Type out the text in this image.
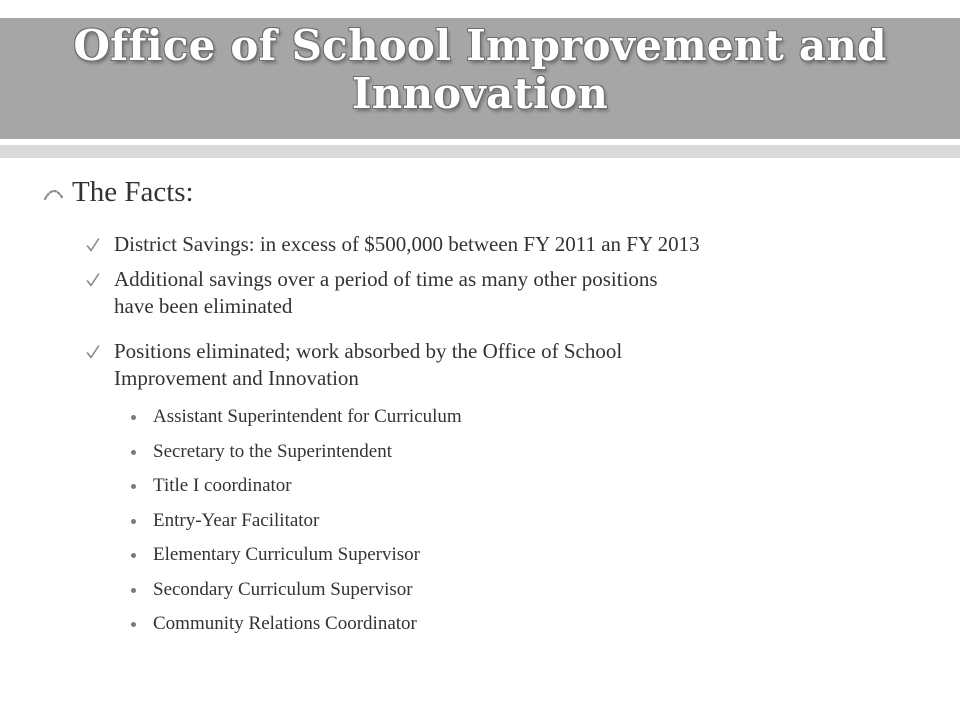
Office of School Improvement and
Innovation
The Facts:
District Savings: in excess of $500,000 between FY 2011 an FY 2013
Additional savings over a period of time as many other positions
have been eliminated
Positions eliminated; work absorbed by the Office of School
Improvement and Innovation
Assistant Superintendent for Curriculum
Secretary to the Superintendent
Title I coordinator
Entry-Year Facilitator
Elementary Curriculum Supervisor
Secondary Curriculum Supervisor
Community Relations Coordinator
